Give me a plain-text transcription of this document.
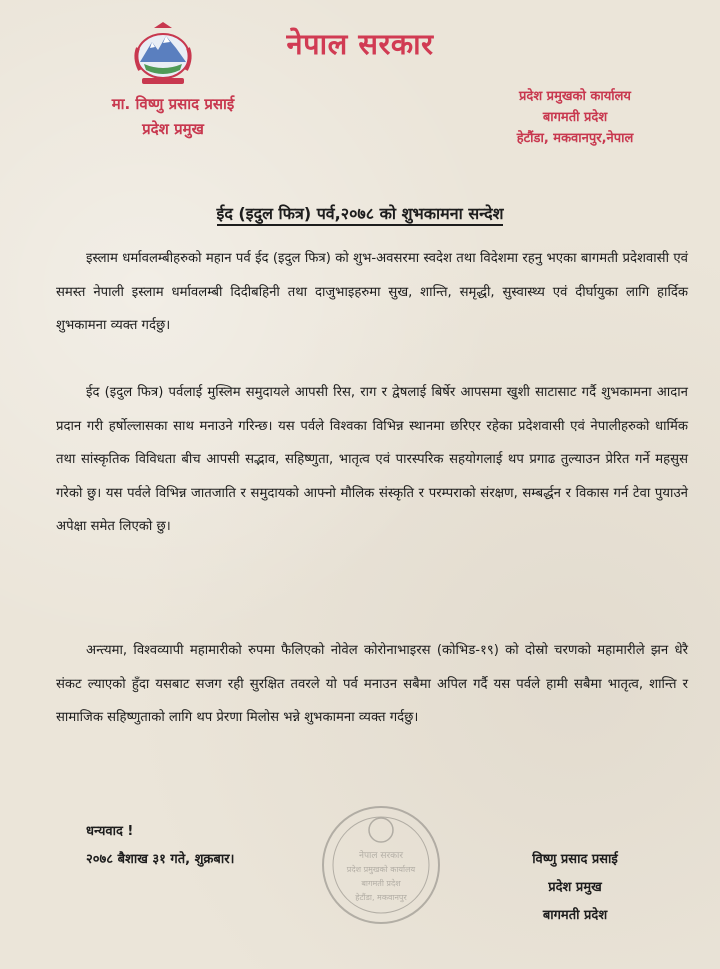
नेपाल सरकार
मा. विष्णु प्रसाद प्रसाई
प्रदेश प्रमुख
प्रदेश प्रमुखको कार्यालय
बागमती प्रदेश
हेटौंडा, मकवानपुर,नेपाल
ईद (इदुल फित्र) पर्व,२०७८ को शुभकामना सन्देश
इस्लाम धर्मावलम्बीहरुको महान पर्व ईद (इदुल फित्र) को शुभ-अवसरमा स्वदेश तथा विदेशमा रहनु भएका बागमती प्रदेशवासी एवं समस्त नेपाली इस्लाम धर्मावलम्बी दिदीबहिनी तथा दाजुभाइहरुमा सुख, शान्ति, समृद्धी, सुस्वास्थ्य एवं दीर्घायुका लागि हार्दिक शुभकामना व्यक्त गर्दछु।
ईद (इदुल फित्र) पर्वलाई मुस्लिम समुदायले आपसी रिस, राग र द्वेषलाई बिर्षेर आपसमा खुशी साटासाट गर्दै शुभकामना आदान प्रदान गरी हर्षोल्लासका साथ मनाउने गरिन्छ। यस पर्वले विश्वका विभिन्न स्थानमा छरिएर रहेका प्रदेशवासी एवं नेपालीहरुको धार्मिक तथा सांस्कृतिक विविधता बीच आपसी सद्भाव, सहिष्णुता, भातृत्व एवं पारस्परिक सहयोगलाई थप प्रगाढ तुल्याउन प्रेरित गर्ने महसुस गरेको छु। यस पर्वले विभिन्न जातजाति र समुदायको आफ्नो मौलिक संस्कृति र परम्पराको संरक्षण, सम्बर्द्धन र विकास गर्न टेवा पुयाउने अपेक्षा समेत लिएको छु।
अन्त्यमा, विश्वव्यापी महामारीको रुपमा फैलिएको नोवेल कोरोनाभाइरस (कोभिड-१९) को दोस्रो चरणको महामारीले झन धेरै संकट ल्याएको हुँदा यसबाट सजग रही सुरक्षित तवरले यो पर्व मनाउन सबैमा अपिल गर्दै यस पर्वले हामी सबैमा भातृत्व, शान्ति र सामाजिक सहिष्णुताको लागि थप प्रेरणा मिलोस भन्ने शुभकामना व्यक्त गर्दछु।
धन्यवाद !
२०७८ बैशाख ३१ गते, शुक्रबार।	नेपाल सरकार
प्रदेश प्रमुखको कार्यालय
बागमती प्रदेश
हेटौंडा, मकवानपुर
विष्णु प्रसाद प्रसाई
प्रदेश प्रमुख
बागमती प्रदेश
